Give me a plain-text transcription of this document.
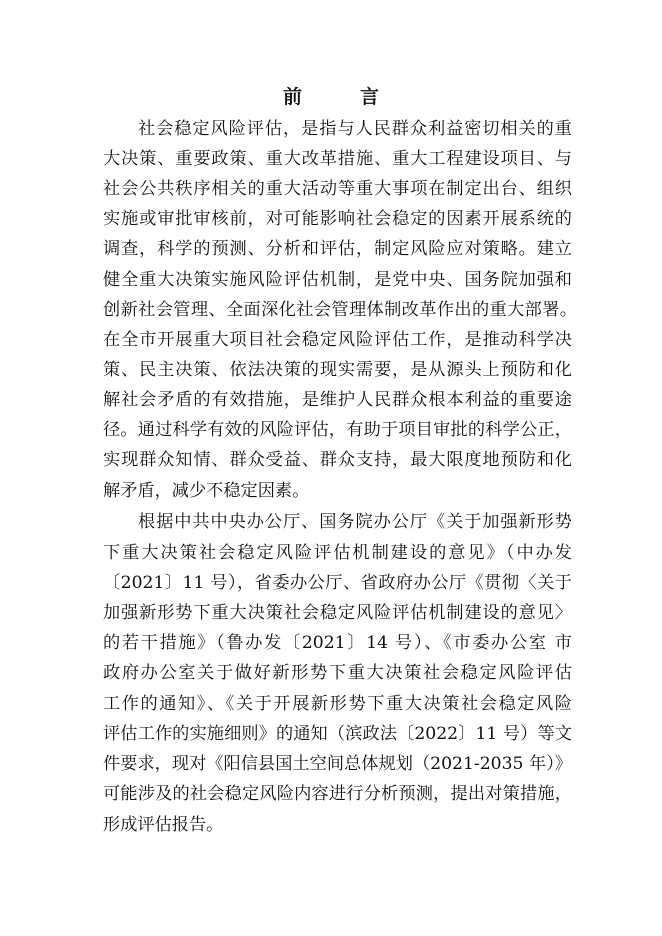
前	言
社会稳定风险评估，是指与人民群众利益密切相关的重
大决策、重要政策、重大改革措施、重大工程建设项目、与
社会公共秩序相关的重大活动等重大事项在制定出台、组织
实施或审批审核前，对可能影响社会稳定的因素开展系统的
调查，科学的预测、分析和评估，制定风险应对策略。建立
健全重大决策实施风险评估机制，是党中央、国务院加强和
创新社会管理、全面深化社会管理体制改革作出的重大部署。
在全市开展重大项目社会稳定风险评估工作，是推动科学决
策、民主决策、依法决策的现实需要，是从源头上预防和化
解社会矛盾的有效措施，是维护人民群众根本利益的重要途
径。通过科学有效的风险评估，有助于项目审批的科学公正，
实现群众知情、群众受益、群众支持，最大限度地预防和化
解矛盾，减少不稳定因素。
根据中共中央办公厅、国务院办公厅《关于加强新形势
下重大决策社会稳定风险评估机制建设的意见》（中办发
〔2021〕11 号），省委办公厅、省政府办公厅《贯彻〈关于
加强新形势下重大决策社会稳定风险评估机制建设的意见〉
的若干措施》（鲁办发〔2021〕14 号）、《市委办公室 市
政府办公室关于做好新形势下重大决策社会稳定风险评估
工作的通知》、《关于开展新形势下重大决策社会稳定风险
评估工作的实施细则》的通知（滨政法〔2022〕11 号）等文
件要求，现对《阳信县国土空间总体规划（2021-2035 年）》
可能涉及的社会稳定风险内容进行分析预测，提出对策措施，
形成评估报告。
